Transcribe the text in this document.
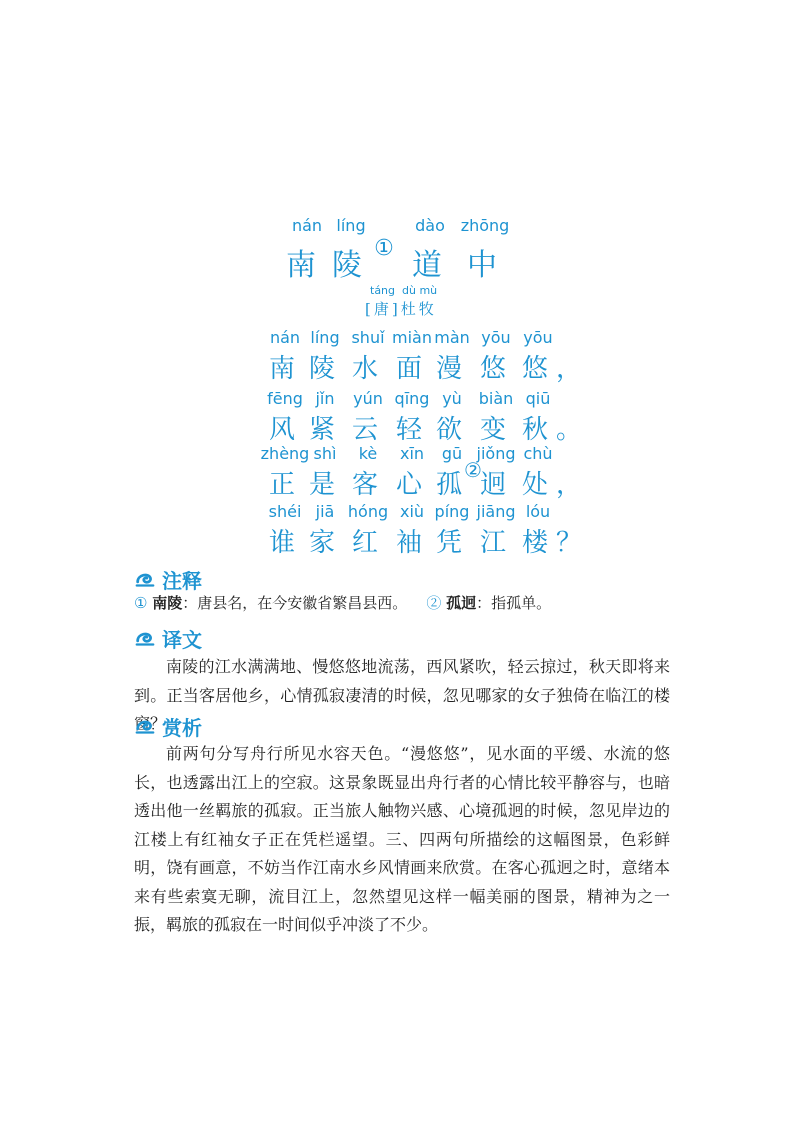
nán líng	dào zhōng
南 陵 ① 道 中
táng  dù mù
[唐]杜牧
nán líng shuǐ miàn màn yōu yōu
南 陵 水 面 漫 悠 悠 ，
fēng jǐn yún qīng yù biàn qiū
风 紧 云 轻 欲 变 秋 。
zhèng shì kè xīn gū jiǒng chù
正 是 客 心 孤 迥 处
②	，
shéi jiā hóng xiù píng jiāng lóu
谁 家 红 袖 凭 江 楼 ？
注释
① 南陵：唐县名，在今安徽省繁昌县西。 ② 孤迥：指孤单。
译文
南陵的江水满满地、慢悠悠地流荡，西风紧吹，轻云掠过，秋天即将来到。正当客居他乡，心情孤寂凄清的时候，忽见哪家的女子独倚在临江的楼窗？
赏析
前两句分写舟行所见水容天色。“漫悠悠”，见水面的平缓、水流的悠长，也透露出江上的空寂。这景象既显出舟行者的心情比较平静容与，也暗透出他一丝羁旅的孤寂。正当旅人触物兴感、心境孤迥的时候，忽见岸边的江楼上有红袖女子正在凭栏遥望。三、四两句所描绘的这幅图景，色彩鲜明，饶有画意，不妨当作江南水乡风情画来欣赏。在客心孤迥之时，意绪本来有些索寞无聊，流目江上，忽然望见这样一幅美丽的图景，精神为之一振，羁旅的孤寂在一时间似乎冲淡了不少。
